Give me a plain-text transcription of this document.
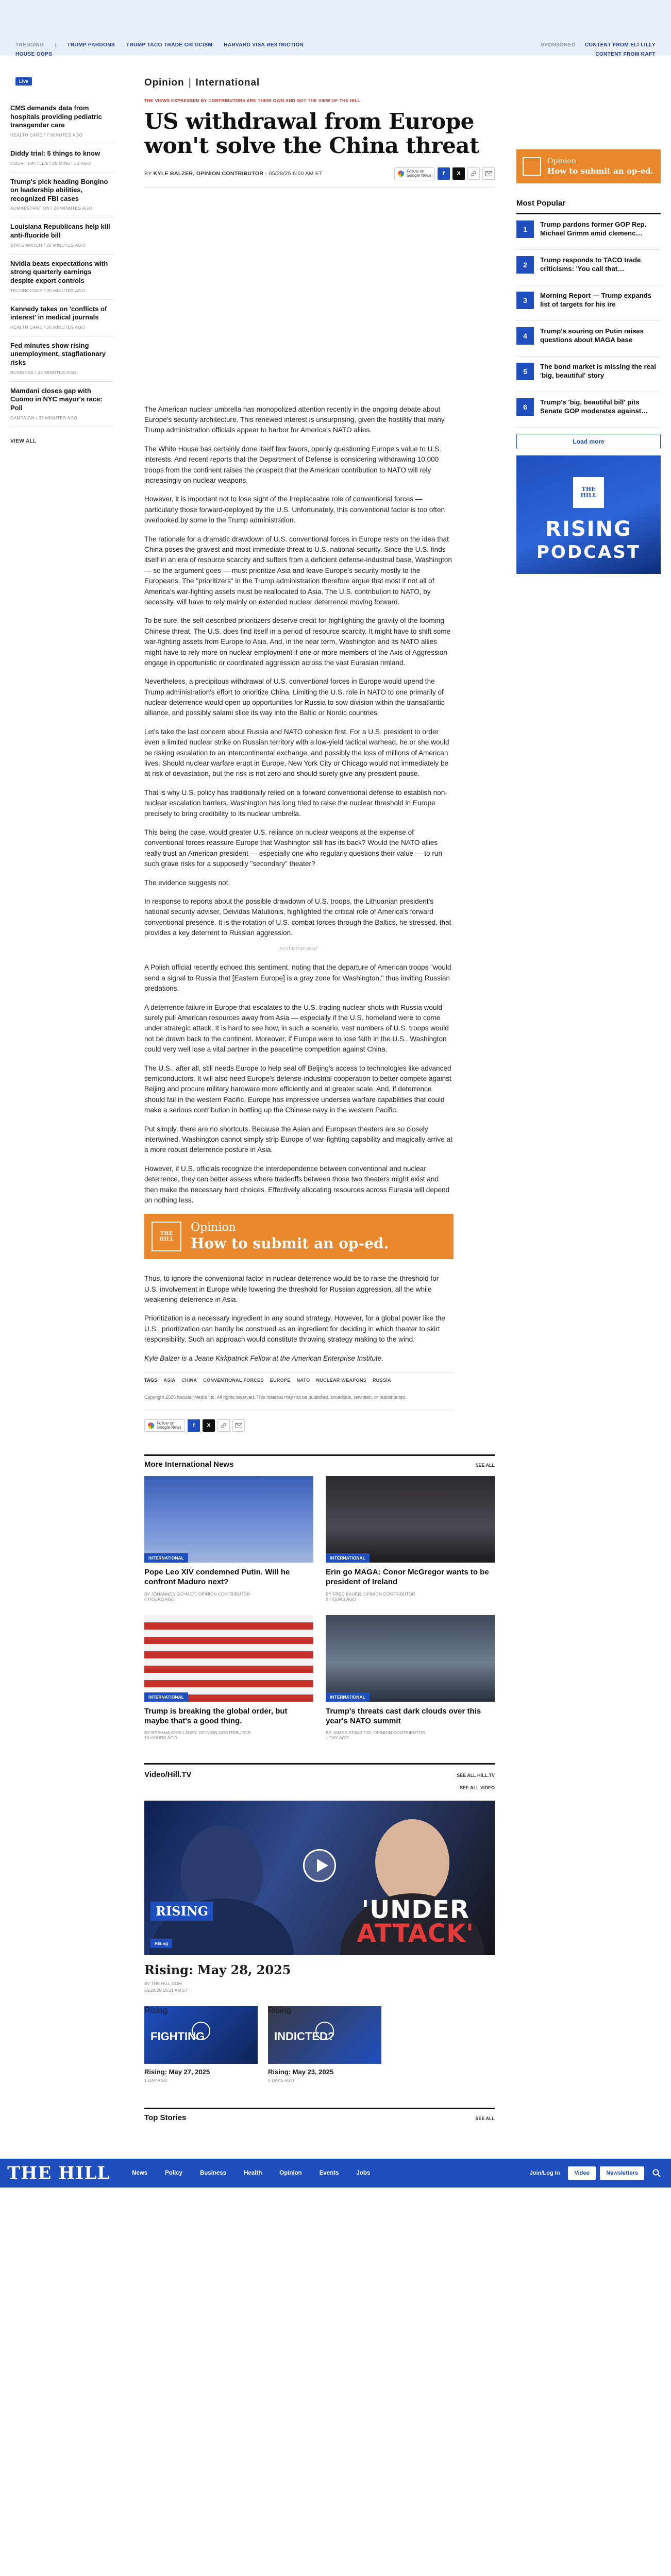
TRENDING	TRUMP PARDONS TRUMP TACO TRADE CRITICISM HARVARD VISA RESTRICTION	SPONSORED CONTENT FROM ELI LILLY
HOUSE GOPS	CONTENT FROM RAFT
Live
CMS demands data from hospitals providing pediatric transgender care
HEALTH CARE / 7 MINUTES AGO
Diddy trial: 5 things to know
COURT BATTLES / 20 MINUTES AGO
Trump's pick heading Bongino on leadership abilities, recognized FBI cases
ADMINISTRATION / 20 MINUTES AGO
Louisiana Republicans help kill anti-fluoride bill
STATE WATCH / 25 MINUTES AGO
Nvidia beats expectations with strong quarterly earnings despite export controls
TECHNOLOGY / 30 MINUTES AGO
Kennedy takes on 'conflicts of interest' in medical journals
HEALTH CARE / 30 MINUTES AGO
Fed minutes show rising unemployment, stagflationary risks
BUSINESS / 32 MINUTES AGO
Mamdani closes gap with Cuomo in NYC mayor's race: Poll
CAMPAIGN / 33 MINUTES AGO
VIEW ALL
Opinion | International
THE VIEWS EXPRESSED BY CONTRIBUTORS ARE THEIR OWN AND NOT THE VIEW OF THE HILL
US withdrawal from Europe won't solve the China threat
BY KYLE BALZER, OPINION CONTRIBUTOR - 05/28/25 6:00 AM ET	Follow on
Google News	f	X

The American nuclear umbrella has monopolized attention recently in the ongoing debate about Europe's security architecture. This renewed interest is unsurprising, given the hostility that many Trump administration officials appear to harbor for America's NATO allies.

The White House has certainly done itself few favors, openly questioning Europe's value to U.S. interests. And recent reports that the Department of Defense is considering withdrawing 10,000 troops from the continent raises the prospect that the American contribution to NATO will rely increasingly on nuclear weapons.

However, it is important not to lose sight of the irreplaceable role of conventional forces — particularly those forward-deployed by the U.S. Unfortunately, this conventional factor is too often overlooked by some in the Trump administration.

The rationale for a dramatic drawdown of U.S. conventional forces in Europe rests on the idea that China poses the gravest and most immediate threat to U.S. national security. Since the U.S. finds itself in an era of resource scarcity and suffers from a deficient defense-industrial base, Washington — so the argument goes — must prioritize Asia and leave Europe's security mostly to the Europeans. The "prioritizers" in the Trump administration therefore argue that most if not all of America's war-fighting assets must be reallocated to Asia. The U.S. contribution to NATO, by necessity, will have to rely mainly on extended nuclear deterrence moving forward.

To be sure, the self-described prioritizers deserve credit for highlighting the gravity of the looming Chinese threat. The U.S. does find itself in a period of resource scarcity. It might have to shift some war-fighting assets from Europe to Asia. And, in the near term, Washington and its NATO allies might have to rely more on nuclear employment if one or more members of the Axis of Aggression engage in opportunistic or coordinated aggression across the vast Eurasian rimland.

Nevertheless, a precipitous withdrawal of U.S. conventional forces in Europe would upend the Trump administration's effort to prioritize China. Limiting the U.S. role in NATO to one primarily of nuclear deterrence would open up opportunities for Russia to sow division within the transatlantic alliance, and possibly salami slice its way into the Baltic or Nordic countries.

Let's take the last concern about Russia and NATO cohesion first. For a U.S. president to order even a limited nuclear strike on Russian territory with a low-yield tactical warhead, he or she would be risking escalation to an intercontinental exchange, and possibly the loss of millions of American lives. Should nuclear warfare erupt in Europe, New York City or Chicago would not immediately be at risk of devastation, but the risk is not zero and should surely give any president pause.

That is why U.S. policy has traditionally relied on a forward conventional defense to establish non-nuclear escalation barriers. Washington has long tried to raise the nuclear threshold in Europe precisely to bring credibility to its nuclear umbrella.

This being the case, would greater U.S. reliance on nuclear weapons at the expense of conventional forces reassure Europe that Washington still has its back? Would the NATO allies really trust an American president — especially one who regularly questions their value — to run such grave risks for a supposedly "secondary" theater?

The evidence suggests not.

In response to reports about the possible drawdown of U.S. troops, the Lithuanian president's national security adviser, Deividas Matulionis, highlighted the critical role of America's forward conventional presence. It is the rotation of U.S. combat forces through the Baltics, he stressed, that provides a key deterrent to Russian aggression.

ADVERTISEMENT

A Polish official recently echoed this sentiment, noting that the departure of American troops "would send a signal to Russia that [Eastern Europe] is a gray zone for Washington," thus inviting Russian predations.

A deterrence failure in Europe that escalates to the U.S. trading nuclear shots with Russia would surely pull American resources away from Asia — especially if the U.S. homeland were to come under strategic attack. It is hard to see how, in such a scenario, vast numbers of U.S. troops would not be drawn back to the continent. Moreover, if Europe were to lose faith in the U.S., Washington could very well lose a vital partner in the peacetime competition against China.

The U.S., after all, still needs Europe to help seal off Beijing's access to technologies like advanced semiconductors. It will also need Europe's defense-industrial cooperation to better compete against Beijing and procure military hardware more efficiently and at greater scale. And, if deterrence should fail in the western Pacific, Europe has impressive undersea warfare capabilities that could make a serious contribution in bottling up the Chinese navy in the western Pacific.

Put simply, there are no shortcuts. Because the Asian and European theaters are so closely intertwined, Washington cannot simply strip Europe of war-fighting capability and magically arrive at a more robust deterrence posture in Asia.

However, if U.S. officials recognize the interdependence between conventional and nuclear deterrence, they can better assess where tradeoffs between those two theaters might exist and then make the necessary hard choices. Effectively allocating resources across Eurasia will depend on nothing less.

THE HILL
Opinion
How to submit an op-ed.

Thus, to ignore the conventional factor in nuclear deterrence would be to raise the threshold for U.S. involvement in Europe while lowering the threshold for Russian aggression, all the while weakening deterrence in Asia.

Prioritization is a necessary ingredient in any sound strategy. However, for a global power like the U.S., prioritization can hardly be construed as an ingredient for deciding in which theater to skirt responsibility. Such an approach would constitute throwing strategy making to the wind.

Kyle Balzer is a Jeane Kirkpatrick Fellow at the American Enterprise Institute.

TAGS ASIA CHINA CONVENTIONAL FORCES EUROPE NATO NUCLEAR WEAPONS RUSSIA
Copyright 2025 Nexstar Media Inc. All rights reserved. This material may not be published, broadcast, rewritten, or redistributed.
Follow on
Google News	f	X
More International News	SEE ALL
INTERNATIONAL
Pope Leo XIV condemned Putin. Will he confront Maduro next?
BY JOHANNES SCHMIDT, OPINION CONTRIBUTOR
6 HOURS AGO
INTERNATIONAL
Erin go MAGA: Conor McGregor wants to be president of Ireland
BY FRED BAUER, OPINION CONTRIBUTOR
8 HOURS AGO
INTERNATIONAL
Trump is breaking the global order, but maybe that's a good thing.
BY BRAHMA CHELLANEY, OPINION CONTRIBUTOR
10 HOURS AGO
INTERNATIONAL
Trump's threats cast dark clouds over this year's NATO summit
BY JAMES STAVRIDIS, OPINION CONTRIBUTOR
1 DAY AGO
Video/Hill.TV	SEE ALL HILL.TV
SEE ALL VIDEO
RISING	'UNDER
ATTACK'
Rising
Rising: May 28, 2025
BY THE HILL.COM
05/28/25 10:21 AM ET
FIGHTING
Rising
Rising: May 27, 2025
1 DAY AGO
INDICTED?
Rising
Rising: May 23, 2025
5 DAYS AGO
Top Stories	SEE ALL
Opinion
How to submit an op-ed.
Most Popular
1
Trump pardons former GOP Rep. Michael Grimm amid clemenc…
2
Trump responds to TACO trade criticisms: 'You call that…
3
Morning Report — Trump expands list of targets for his ire
4
Trump's souring on Putin raises questions about MAGA base
5
The bond market is missing the real 'big, beautiful' story
6
Trump's 'big, beautiful bill' pits Senate GOP moderates against…
Load more
THE HILL
RISING
PODCAST
THE HILL	News	Policy	Business	Health	Opinion	Events	Jobs	Join/Log In	Video	Newsletters
